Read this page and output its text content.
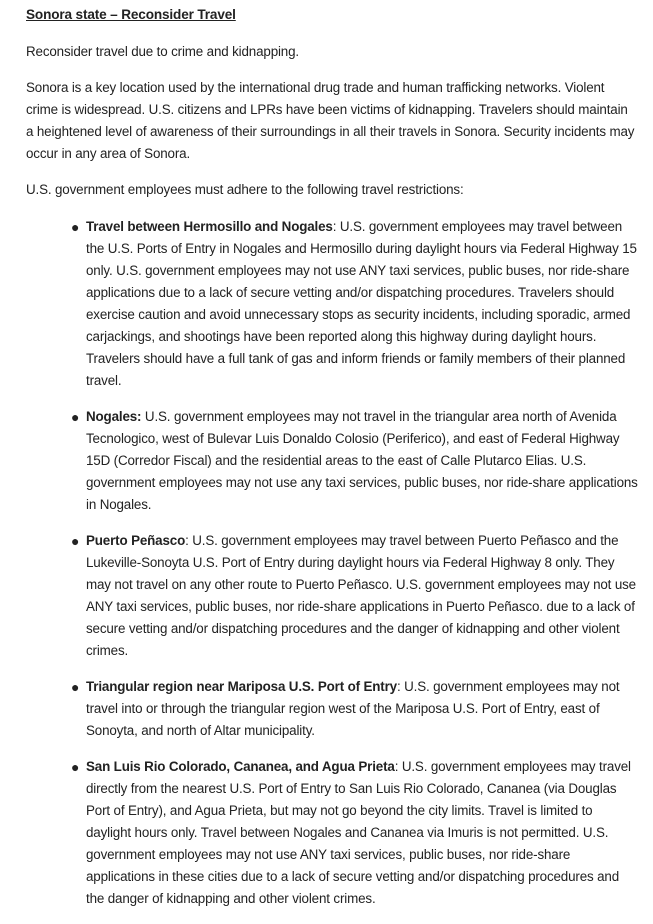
Sonora state – Reconsider Travel

Reconsider travel due to crime and kidnapping.

Sonora is a key location used by the international drug trade and human trafficking networks. Violent crime is widespread. U.S. citizens and LPRs have been victims of kidnapping. Travelers should maintain a heightened level of awareness of their surroundings in all their travels in Sonora. Security incidents may occur in any area of Sonora.

U.S. government employees must adhere to the following travel restrictions:

● Travel between Hermosillo and Nogales: U.S. government employees may travel between the U.S. Ports of Entry in Nogales and Hermosillo during daylight hours via Federal Highway 15 only. U.S. government employees may not use ANY taxi services, public buses, nor ride-share applications due to a lack of secure vetting and/or dispatching procedures. Travelers should exercise caution and avoid unnecessary stops as security incidents, including sporadic, armed carjackings, and shootings have been reported along this highway during daylight hours. Travelers should have a full tank of gas and inform friends or family members of their planned travel.
● Nogales: U.S. government employees may not travel in the triangular area north of Avenida Tecnologico, west of Bulevar Luis Donaldo Colosio (Periferico), and east of Federal Highway 15D (Corredor Fiscal) and the residential areas to the east of Calle Plutarco Elias. U.S. government employees may not use any taxi services, public buses, nor ride-share applications in Nogales.
● Puerto Peñasco: U.S. government employees may travel between Puerto Peñasco and the Lukeville-Sonoyta U.S. Port of Entry during daylight hours via Federal Highway 8 only. They may not travel on any other route to Puerto Peñasco. U.S. government employees may not use ANY taxi services, public buses, nor ride-share applications in Puerto Peñasco. due to a lack of secure vetting and/or dispatching procedures and the danger of kidnapping and other violent crimes.
● Triangular region near Mariposa U.S. Port of Entry: U.S. government employees may not travel into or through the triangular region west of the Mariposa U.S. Port of Entry, east of Sonoyta, and north of Altar municipality.
● San Luis Rio Colorado, Cananea, and Agua Prieta: U.S. government employees may travel directly from the nearest U.S. Port of Entry to San Luis Rio Colorado, Cananea (via Douglas Port of Entry), and Agua Prieta, but may not go beyond the city limits. Travel is limited to daylight hours only. Travel between Nogales and Cananea via Imuris is not permitted. U.S. government employees may not use ANY taxi services, public buses, nor ride-share applications in these cities due to a lack of secure vetting and/or dispatching procedures and the danger of kidnapping and other violent crimes.
